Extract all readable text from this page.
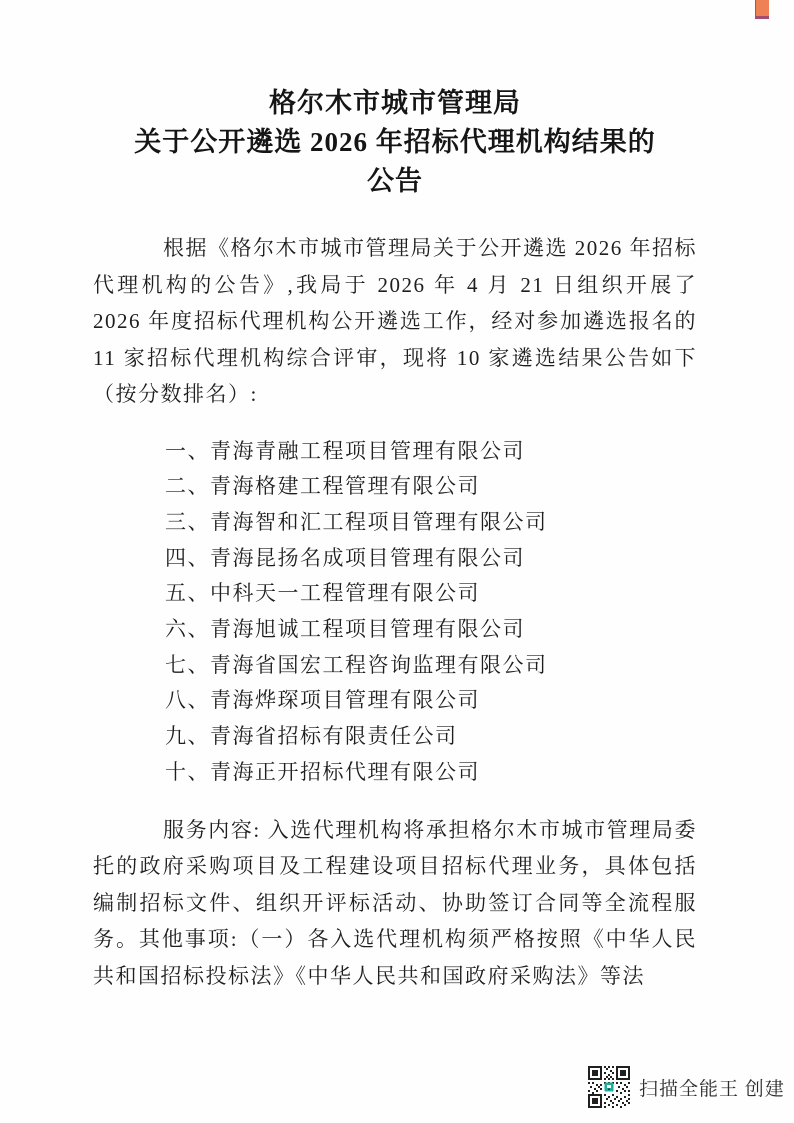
格尔木市城市管理局
关于公开遴选 2026 年招标代理机构结果的
公告

根据《格尔木市城市管理局关于公开遴选 2026 年招标代理机构的公告》,我局于 2026 年 4 月 21 日组织开展了 2026 年度招标代理机构公开遴选工作，经对参加遴选报名的 11 家招标代理机构综合评审，现将 10 家遴选结果公告如下（按分数排名）:

一、青海青融工程项目管理有限公司
二、青海格建工程管理有限公司
三、青海智和汇工程项目管理有限公司
四、青海昆扬名成项目管理有限公司
五、中科天一工程管理有限公司
六、青海旭诚工程项目管理有限公司
七、青海省国宏工程咨询监理有限公司
八、青海烨琛项目管理有限公司
九、青海省招标有限责任公司
十、青海正开招标代理有限公司

服务内容: 入选代理机构将承担格尔木市城市管理局委托的政府采购项目及工程建设项目招标代理业务，具体包括编制招标文件、组织开评标活动、协助签订合同等全流程服务。其他事项:（一）各入选代理机构须严格按照《中华人民共和国招标投标法》《中华人民共和国政府采购法》等法

扫描全能王 创建
